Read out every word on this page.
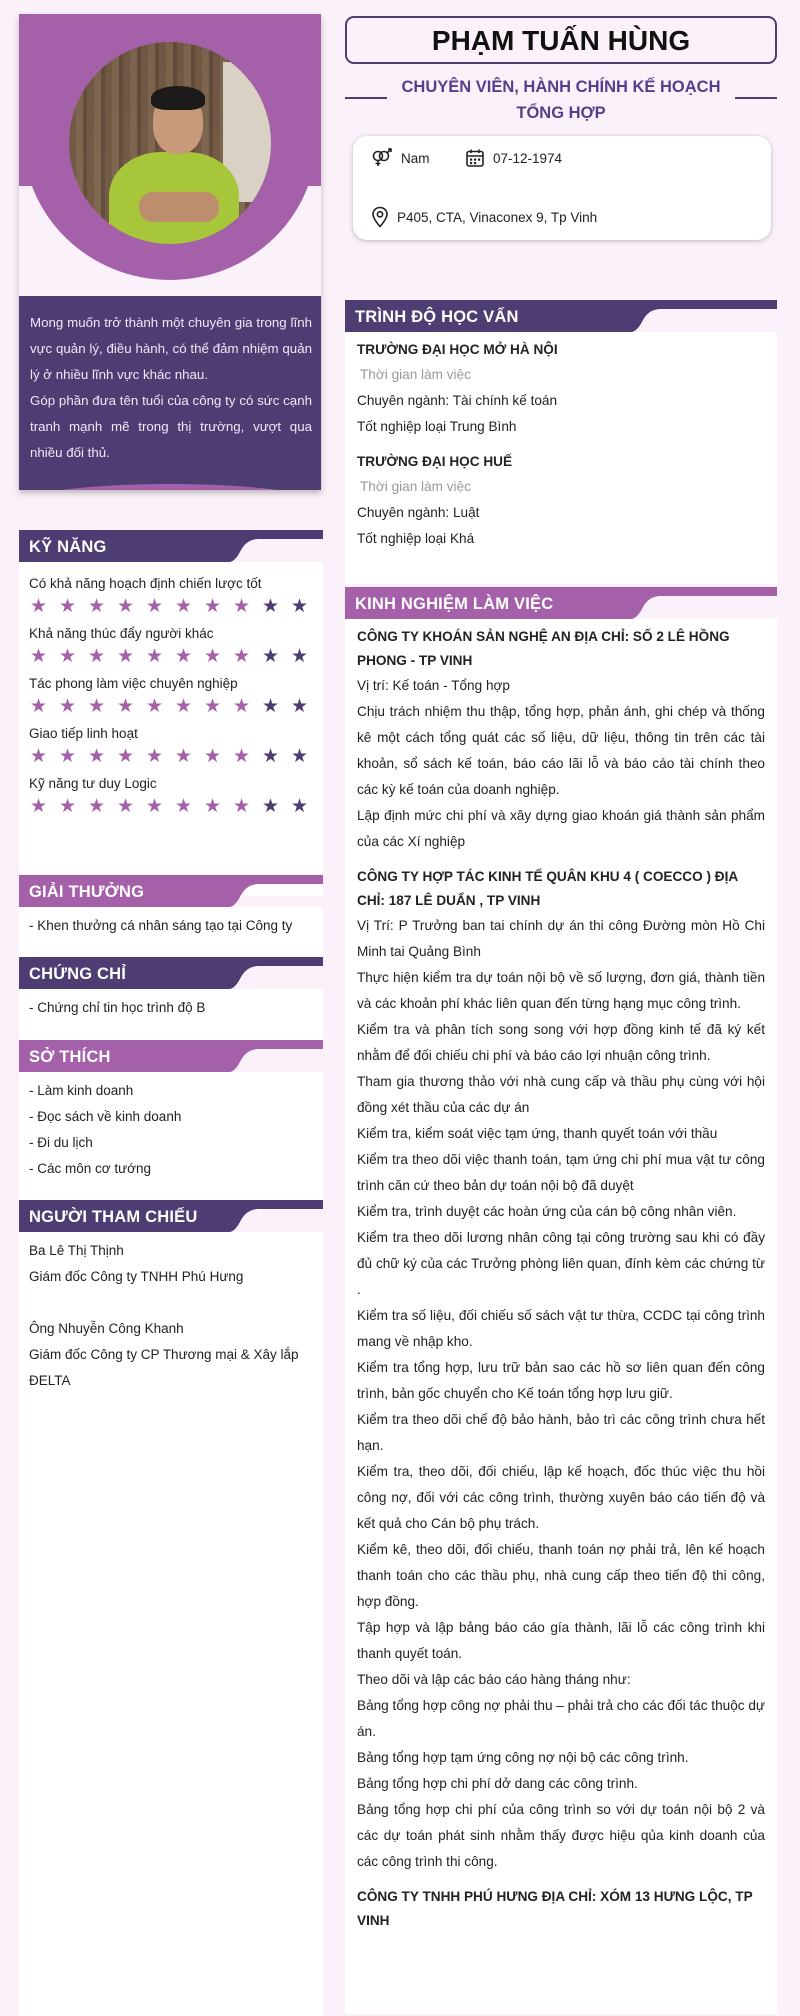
Mong muốn trở thành một chuyên gia trong lĩnh vực quản lý, điều hành, có thể đảm nhiệm quản lý ở nhiều lĩnh vực khác nhau.

Góp phần đưa tên tuổi của công ty có sức cạnh tranh mạnh mẽ trong thị trường, vượt qua nhiều đối thủ.

KỸ NĂNG
Có khả năng hoạch định chiến lược tốt
★ ★ ★ ★ ★ ★ ★ ★ ★ ★
Khả năng thúc đẩy người khác
★ ★ ★ ★ ★ ★ ★ ★ ★ ★
Tác phong làm việc chuyên nghiệp
★ ★ ★ ★ ★ ★ ★ ★ ★ ★
Giao tiếp linh hoạt
★ ★ ★ ★ ★ ★ ★ ★ ★ ★
Kỹ năng tư duy Logic
★ ★ ★ ★ ★ ★ ★ ★ ★ ★
GIẢI THƯỞNG

- Khen thưởng cá nhân sáng tạo tại Công ty

CHỨNG CHỈ

- Chứng chỉ tin học trình độ B

SỞ THÍCH

- Làm kinh doanh

- Đọc sách về kinh doanh

- Đi du lịch

- Các môn cơ tướng

NGƯỜI THAM CHIẾU

Ba Lê Thị Thịnh

Giám đốc Công ty TNHH Phú Hưng

Ông Nhuyễn Công Khanh

Giám đốc Công ty CP Thương mại & Xây lắp ĐELTA

PHẠM TUẤN HÙNG
CHUYÊN VIÊN, HÀNH CHÍNH KẾ HOẠCH TỔNG HỢP
Nam	07-12-1974
P405, CTA, Vinaconex 9, Tp Vinh
TRÌNH ĐỘ HỌC VẤN

TRƯỜNG ĐẠI HỌC MỞ HÀ NỘI

Thời gian làm việc

Chuyên ngành: Tài chính kế toán

Tốt nghiệp loại Trung Bình

TRƯỜNG ĐẠI HỌC HUẾ

Thời gian làm việc

Chuyên ngành: Luật

Tốt nghiệp loại Khá

KINH NGHIỆM LÀM VIỆC

CÔNG TY KHOÁN SẢN NGHỆ AN ĐỊA CHỈ: SỐ 2 LÊ HỒNG PHONG - TP VINH

Vị trí: Kế toán - Tổng hợp

Chịu trách nhiệm thu thập, tổng hợp, phản ánh, ghi chép và thống kê một cách tổng quát các số liệu, dữ liệu, thông tin trên các tài khoản, sổ sách kế toán, báo cáo lãi lỗ và báo cáo tài chính theo các kỳ kế toán của doanh nghiệp.

Lập định mức chi phí và xây dựng giao khoán giá thành sản phẩm của các Xí nghiệp

CÔNG TY HỢP TÁC KINH TẾ QUÂN KHU 4 ( COECCO ) ĐỊA CHỈ: 187 LÊ DUẨN , TP VINH

Vị Trí: P Trưởng ban tai chính dự án thi công Đường mòn Hồ Chi Minh tai Quảng Bình

Thực hiện kiểm tra dự toán nội bộ về số lượng, đơn giá, thành tiền và các khoản phí khác liên quan đến từng hạng mục công trình.

Kiểm tra và phân tích song song với hợp đồng kinh tế đã ký kết nhằm để đối chiếu chi phí và báo cáo lợi nhuận công trình.

Tham gia thương thảo với nhà cung cấp và thầu phụ cùng với hội đồng xét thầu của các dự án

Kiểm tra, kiểm soát việc tạm ứng, thanh quyết toán với thầu

Kiểm tra theo dõi việc thanh toán, tạm ứng chi phí mua vật tư công trình căn cứ theo bản dự toán nội bộ đã duyệt

Kiểm tra, trình duyệt các hoàn ứng của cán bộ công nhân viên.

Kiểm tra theo dõi lương nhân công tại công trường sau khi có đầy đủ chữ ký của các Trưởng phòng liên quan, đính kèm các chứng từ .

Kiểm tra số liệu, đối chiếu số sách vật tư thừa, CCDC tại công trình mang về nhập kho.

Kiểm tra tổng hợp, lưu trữ bản sao các hồ sơ liên quan đến công trình, bản gốc chuyển cho Kế toán tổng hợp lưu giữ.

Kiểm tra theo dõi chế độ bảo hành, bảo trì các công trình chưa hết hạn.

Kiểm tra, theo dõi, đối chiếu, lập kế hoạch, đốc thúc việc thu hồi công nợ, đối với các công trình, thường xuyên báo cáo tiến độ và kết quả cho Cán bộ phụ trách.

Kiểm kê, theo dõi, đối chiếu, thanh toán nợ phải trả, lên kế hoạch thanh toán cho các thầu phụ, nhà cung cấp theo tiến độ thi công, hợp đồng.

Tập hợp và lập bảng báo cáo gía thành, lãi lỗ các công trình khi thanh quyết toán.

Theo dõi và lập các báo cáo hàng tháng như:

Bảng tổng hợp công nợ phải thu – phải trả cho các đối tác thuộc dự án.

Bảng tổng hợp tạm ứng công nợ nội bộ các công trình.

Bảng tổng hợp chi phí dở dang các công trình.

Bảng tổng hợp chi phí của công trình so với dự toán nội bộ 2 và các dự toán phát sinh nhằm thấy được hiệu qủa kinh doanh của các công trình thi công.

CÔNG TY TNHH PHÚ HƯNG ĐỊA CHỈ: XÓM 13 HƯNG LỘC, TP VINH
